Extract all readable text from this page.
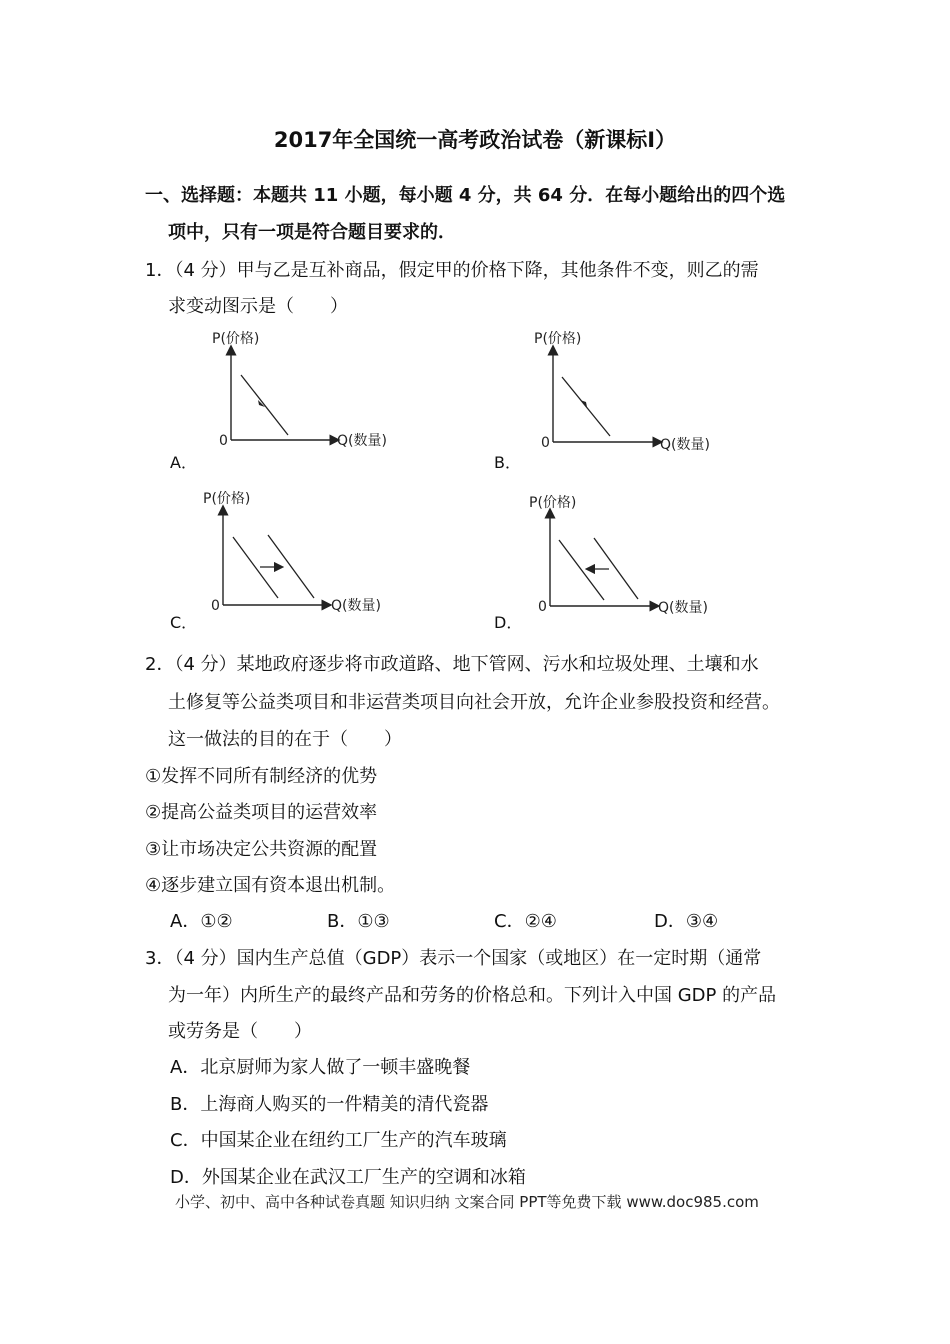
2017年全国统一高考政治试卷（新课标I）
一、选择题：本题共 11 小题，每小题 4 分，共 64 分．在每小题给出的四个选
项中，只有一项是符合题目要求的．
1．（4 分）甲与乙是互补商品，假定甲的价格下降，其他条件不变，则乙的需
求变动图示是（　　）
P(价格)
0	Q(数量)
A．
P(价格)
0	Q(数量)
B．
P(价格)
0	Q(数量)
C．
P(价格)
0	Q(数量)
D．
2．（4 分）某地政府逐步将市政道路、地下管网、污水和垃圾处理、土壤和水
土修复等公益类项目和非运营类项目向社会开放，允许企业参股投资和经营。
这一做法的目的在于（　　）
①发挥不同所有制经济的优势
②提高公益类项目的运营效率
③让市场决定公共资源的配置
④逐步建立国有资本退出机制。
A．①②	B．①③	C．②④	D．③④
3．（4 分）国内生产总值（GDP）表示一个国家（或地区）在一定时期（通常
为一年）内所生产的最终产品和劳务的价格总和。下列计入中国 GDP 的产品
或劳务是（　　）
A．北京厨师为家人做了一顿丰盛晚餐
B．上海商人购买的一件精美的清代瓷器
C．中国某企业在纽约工厂生产的汽车玻璃
D．外国某企业在武汉工厂生产的空调和冰箱
小学、初中、高中各种试卷真题 知识归纳 文案合同 PPT等免费下载 www.doc985.com
